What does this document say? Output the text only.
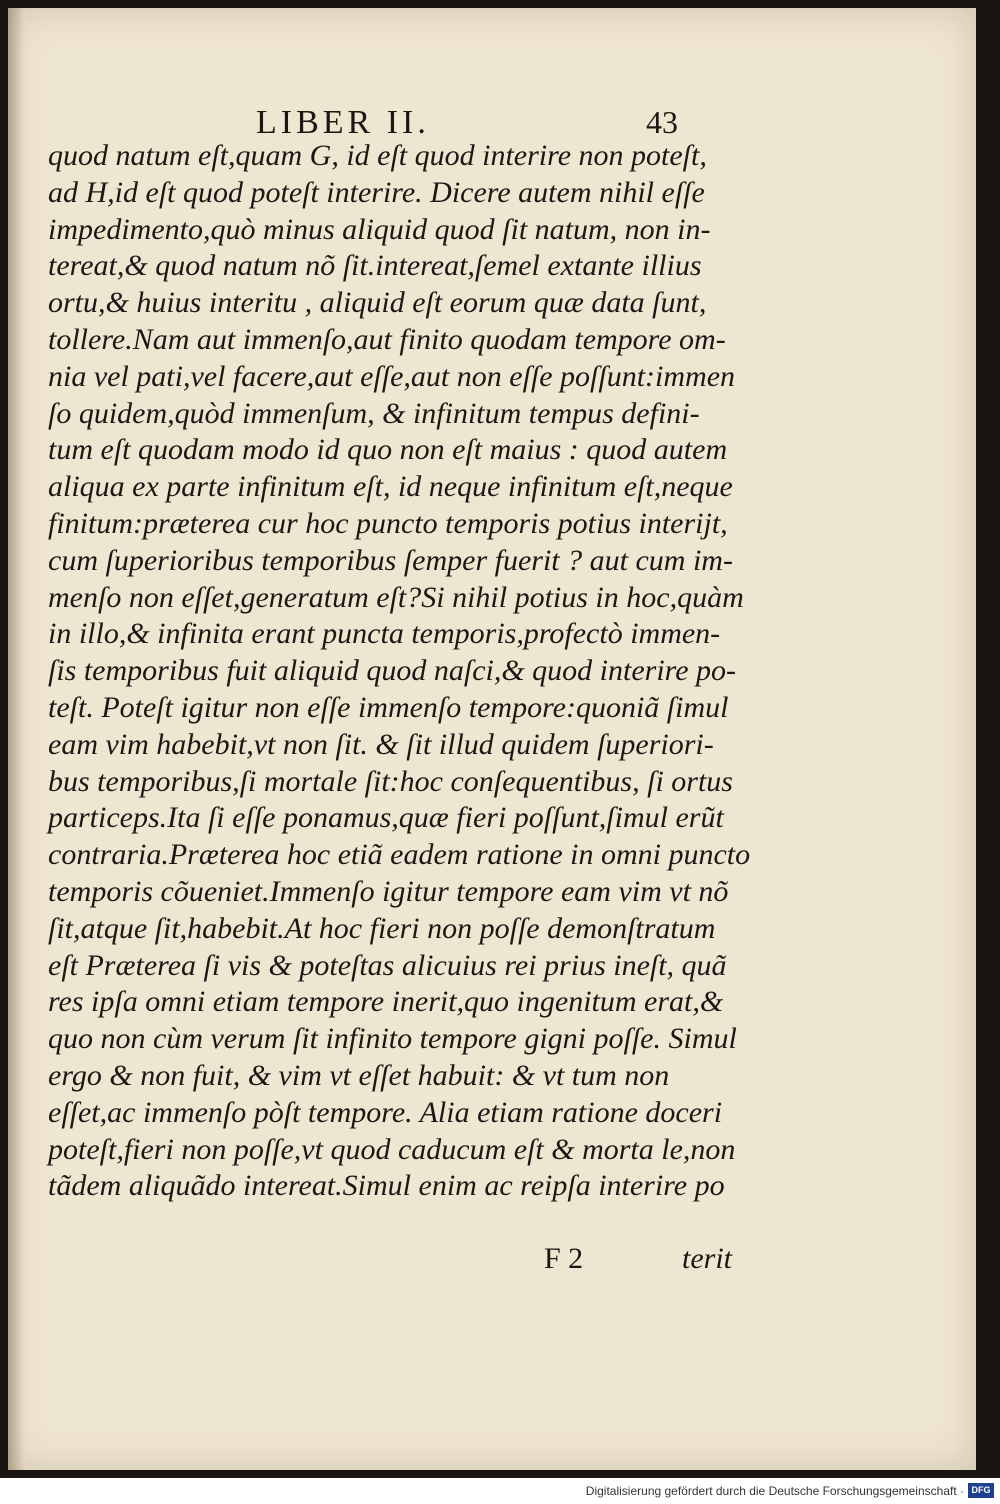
LIBER II.	43
quod natum eſt,quam G, id eſt quod interire non poteſt,
ad H,id eſt quod poteſt interire. Dicere autem nihil eſſe
impedimento,quò minus aliquid quod ſit natum, non in-
tereat,& quod natum nõ ſit.intereat,ſemel extante illius
ortu,& huius interitu , aliquid eſt eorum quæ data ſunt,
tollere.Nam aut immenſo,aut finito quodam tempore om-
nia vel pati,vel facere,aut eſſe,aut non eſſe poſſunt:immen
ſo quidem,quòd immenſum, & infinitum tempus defini-
tum eſt quodam modo id quo non eſt maius : quod autem
aliqua ex parte infinitum eſt, id neque infinitum eſt,neque
finitum:præterea cur hoc puncto temporis potius interijt,
cum ſuperioribus temporibus ſemper fuerit ? aut cum im-
menſo non eſſet,generatum eſt?Si nihil potius in hoc,quàm
in illo,& infinita erant puncta temporis,profectò immen-
ſis temporibus fuit aliquid quod naſci,& quod interire po-
teſt. Poteſt igitur non eſſe immenſo tempore:quoniã ſimul
eam vim habebit,vt non ſit. & ſit illud quidem ſuperiori-
bus temporibus,ſi mortale ſit:hoc conſequentibus, ſi ortus
particeps.Ita ſi eſſe ponamus,quæ fieri poſſunt,ſimul erũt
contraria.Præterea hoc etiã eadem ratione in omni puncto
temporis cõueniet.Immenſo igitur tempore eam vim vt nõ
ſit,atque ſit,habebit.At hoc fieri non poſſe demonſtratum
eſt Præterea ſi vis & poteſtas alicuius rei prius ineſt, quã
res ipſa omni etiam tempore inerit,quo ingenitum erat,&
quo non cùm verum ſit infinito tempore gigni poſſe. Simul
ergo & non fuit, & vim vt eſſet habuit: & vt tum non
eſſet,ac immenſo pòſt tempore. Alia etiam ratione doceri
poteſt,fieri non poſſe,vt quod caducum eſt & morta le,non
tãdem aliquãdo intereat.Simul enim ac reipſa interire po
F 2	terit
Digitalisierung gefördert durch die Deutsche Forschungsgemeinschaft · DFG
